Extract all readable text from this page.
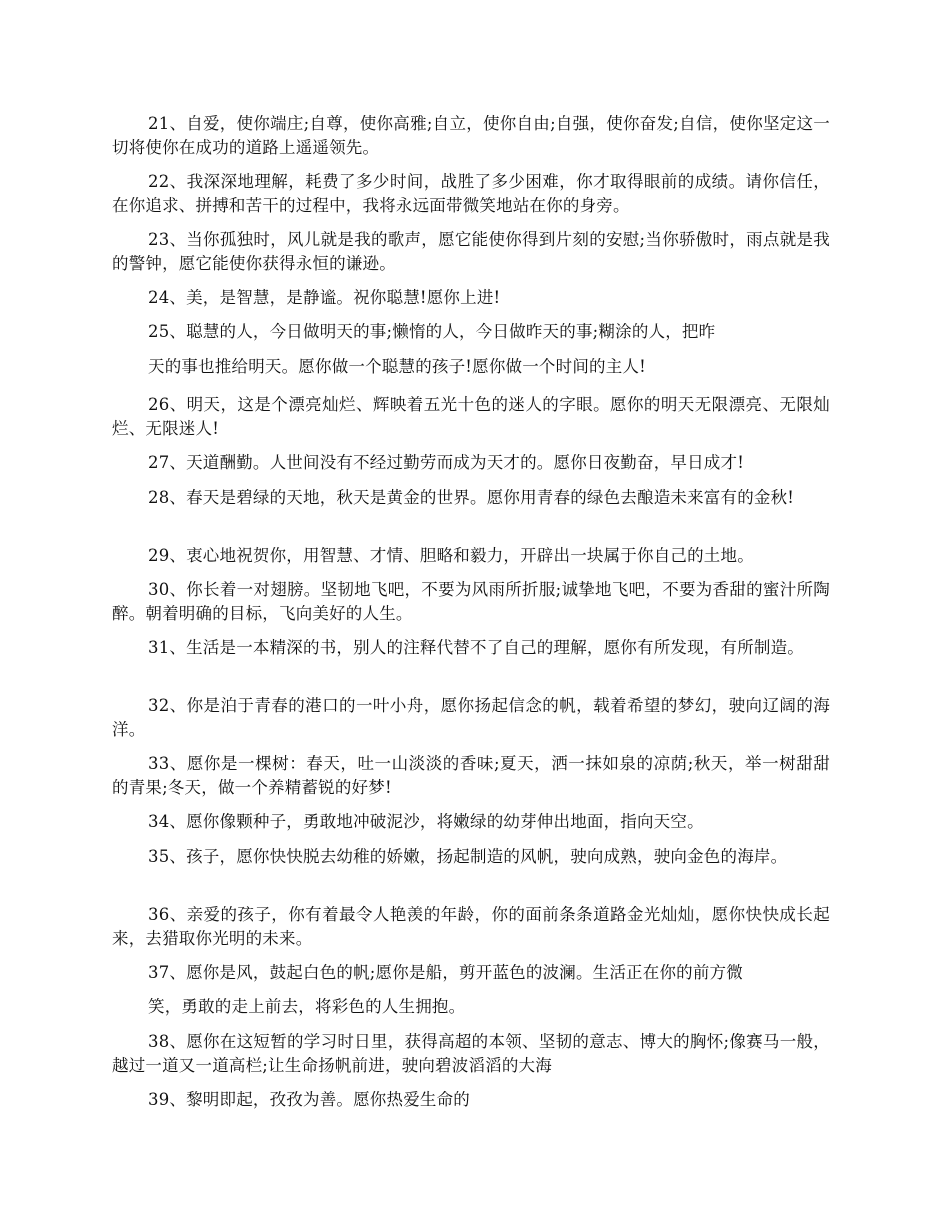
21、自爱，使你端庄;自尊，使你高雅;自立，使你自由;自强，使你奋发;自信，使你坚定这一切将使你在成功的道路上遥遥领先。

22、我深深地理解，耗费了多少时间，战胜了多少困难，你才取得眼前的成绩。请你信任，在你追求、拼搏和苦干的过程中，我将永远面带微笑地站在你的身旁。

23、当你孤独时，风儿就是我的歌声，愿它能使你得到片刻的安慰;当你骄傲时，雨点就是我的警钟，愿它能使你获得永恒的谦逊。

24、美，是智慧，是静谧。祝你聪慧!愿你上进!

25、聪慧的人，今日做明天的事;懒惰的人，今日做昨天的事;糊涂的人，把昨

天的事也推给明天。愿你做一个聪慧的孩子!愿你做一个时间的主人!

26、明天，这是个漂亮灿烂、辉映着五光十色的迷人的字眼。愿你的明天无限漂亮、无限灿烂、无限迷人!

27、天道酬勤。人世间没有不经过勤劳而成为天才的。愿你日夜勤奋，早日成才!

28、春天是碧绿的天地，秋天是黄金的世界。愿你用青春的绿色去酿造未来富有的金秋!

29、衷心地祝贺你，用智慧、才情、胆略和毅力，开辟出一块属于你自己的土地。

30、你长着一对翅膀。坚韧地飞吧，不要为风雨所折服;诚挚地飞吧，不要为香甜的蜜汁所陶醉。朝着明确的目标，飞向美好的人生。

31、生活是一本精深的书，别人的注释代替不了自己的理解，愿你有所发现，有所制造。

32、你是泊于青春的港口的一叶小舟，愿你扬起信念的帆，载着希望的梦幻，驶向辽阔的海洋。

33、愿你是一棵树：春天，吐一山淡淡的香味;夏天，洒一抹如泉的凉荫;秋天，举一树甜甜的青果;冬天，做一个养精蓄锐的好梦!

34、愿你像颗种子，勇敢地冲破泥沙，将嫩绿的幼芽伸出地面，指向天空。

35、孩子，愿你快快脱去幼稚的娇嫩，扬起制造的风帆，驶向成熟，驶向金色的海岸。

36、亲爱的孩子，你有着最令人艳羡的年龄，你的面前条条道路金光灿灿，愿你快快成长起来，去猎取你光明的未来。

37、愿你是风，鼓起白色的帆;愿你是船，剪开蓝色的波澜。生活正在你的前方微

笑，勇敢的走上前去，将彩色的人生拥抱。

38、愿你在这短暂的学习时日里，获得高超的本领、坚韧的意志、博大的胸怀;像赛马一般，越过一道又一道高栏;让生命扬帆前进，驶向碧波滔滔的大海

39、黎明即起，孜孜为善。愿你热爱生命的
